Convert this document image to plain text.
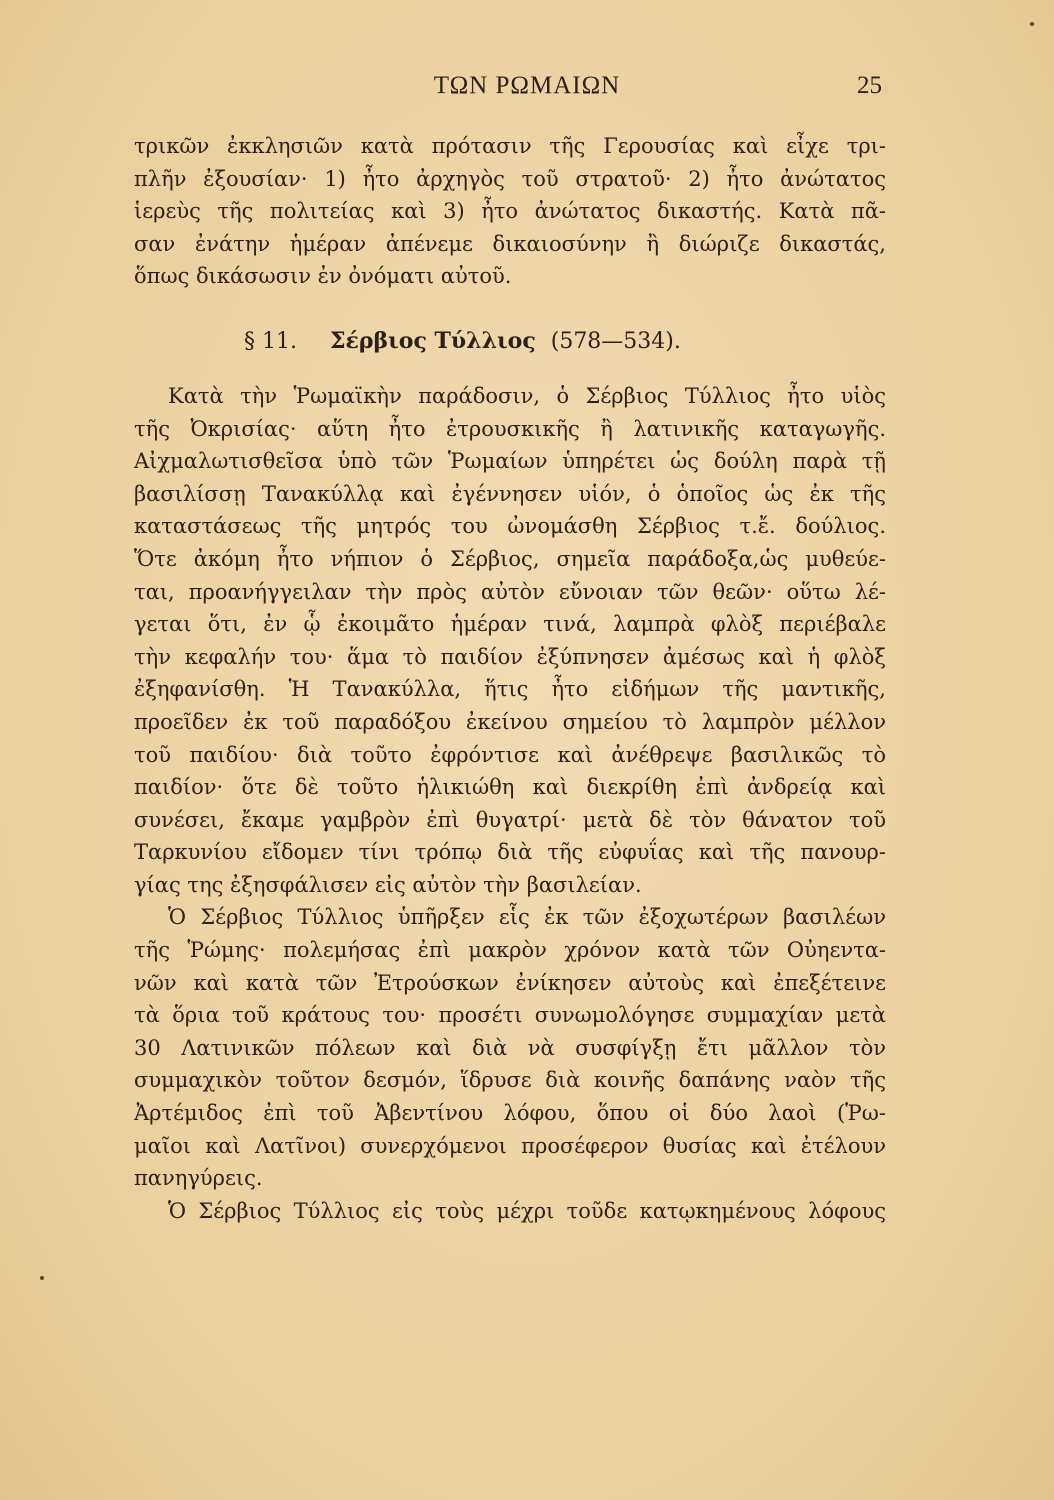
ΤΩΝ ΡΩΜΑΙΩΝ	25
τρικῶν ἐκκλησιῶν κατὰ πρότασιν τῆς Γερουσίας καὶ εἶχε τρι-
πλῆν ἐξουσίαν· 1) ἦτο ἀρχηγὸς τοῦ στρατοῦ· 2) ἦτο ἀνώτατος
ἱερεὺς τῆς πολιτείας καὶ 3) ἦτο ἀνώτατος δικαστής. Κατὰ πᾶ-
σαν ἐνάτην ἡμέραν ἀπένεμε δικαιοσύνην ἢ διώριζε δικαστάς,
ὅπως δικάσωσιν ἐν ὀνόματι αὐτοῦ.
§ 11. Σέρβιος Τύλλιος (578—534).
Κατὰ τὴν Ῥωμαϊκὴν παράδοσιν, ὁ Σέρβιος Τύλλιος ἦτο υἱὸς
τῆς Ὀκρισίας· αὕτη ἦτο ἐτρουσκικῆς ἢ λατινικῆς καταγωγῆς.
Αἰχμαλωτισθεῖσα ὑπὸ τῶν Ῥωμαίων ὑπηρέτει ὡς δούλη παρὰ τῇ
βασιλίσσῃ Τανακύλλᾳ καὶ ἐγέννησεν υἱόν, ὁ ὁποῖος ὡς ἐκ τῆς
καταστάσεως τῆς μητρός του ὠνομάσθη Σέρβιος τ.ἔ. δούλιος.
Ὅτε ἀκόμη ἦτο νήπιον ὁ Σέρβιος, σημεῖα παράδοξα,ὡς μυθεύε-
ται, προανήγγειλαν τὴν πρὸς αὐτὸν εὔνοιαν τῶν θεῶν· οὕτω λέ-
γεται ὅτι, ἐν ᾧ ἐκοιμᾶτο ἡμέραν τινά, λαμπρὰ φλὸξ περιέβαλε
τὴν κεφαλήν του· ἅμα τὸ παιδίον ἐξύπνησεν ἀμέσως καὶ ἡ φλὸξ
ἐξηφανίσθη. Ἡ Τανακύλλα, ἥτις ἦτο εἰδήμων τῆς μαντικῆς,
προεῖδεν ἐκ τοῦ παραδόξου ἐκείνου σημείου τὸ λαμπρὸν μέλλον
τοῦ παιδίου· διὰ τοῦτο ἐφρόντισε καὶ ἀνέθρεψε βασιλικῶς τὸ
παιδίον· ὅτε δὲ τοῦτο ἡλικιώθη καὶ διεκρίθη ἐπὶ ἀνδρείᾳ καὶ
συνέσει, ἔκαμε γαμβρὸν ἐπὶ θυγατρί· μετὰ δὲ τὸν θάνατον τοῦ
Ταρκυνίου εἴδομεν τίνι τρόπῳ διὰ τῆς εὐφυΐας καὶ τῆς πανουρ-
γίας της ἐξησφάλισεν εἰς αὐτὸν τὴν βασιλείαν.
Ὁ Σέρβιος Τύλλιος ὑπῆρξεν εἷς ἐκ τῶν ἐξοχωτέρων βασιλέων
τῆς Ῥώμης· πολεμήσας ἐπὶ μακρὸν χρόνον κατὰ τῶν Οὐηεντα-
νῶν καὶ κατὰ τῶν Ἐτρούσκων ἐνίκησεν αὐτοὺς καὶ ἐπεξέτεινε
τὰ ὅρια τοῦ κράτους του· προσέτι συνωμολόγησε συμμαχίαν μετὰ
30 Λατινικῶν πόλεων καὶ διὰ νὰ συσφίγξῃ ἔτι μᾶλλον τὸν
συμμαχικὸν τοῦτον δεσμόν, ἵδρυσε διὰ κοινῆς δαπάνης ναὸν τῆς
Ἀρτέμιδος ἐπὶ τοῦ Ἀβεντίνου λόφου, ὅπου οἱ δύο λαοὶ (Ῥω-
μαῖοι καὶ Λατῖνοι) συνερχόμενοι προσέφερον θυσίας καὶ ἐτέλουν
πανηγύρεις.
Ὁ Σέρβιος Τύλλιος εἰς τοὺς μέχρι τοῦδε κατῳκημένους λόφους
